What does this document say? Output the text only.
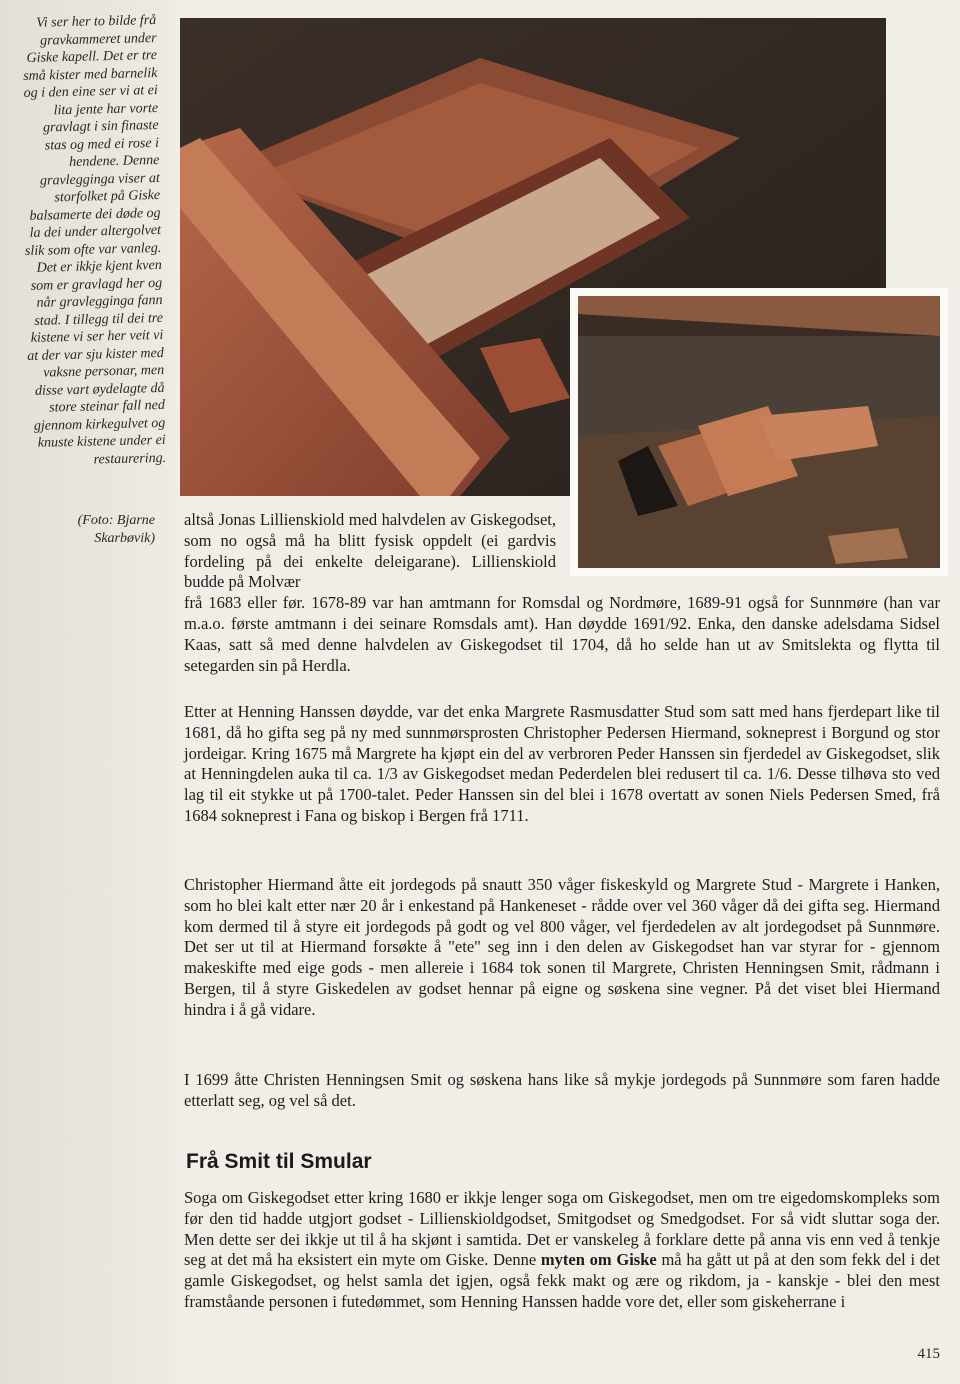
Vi ser her to bilde frå gravkammeret under Giske kapell. Det er tre små kister med barnelik og i den eine ser vi at ei lita jente har vorte gravlagt i sin finaste stas og med ei rose i hendene. Denne gravlegginga viser at storfolket på Giske balsamerte dei døde og la dei under altergolvet slik som ofte var vanleg. Det er ikkje kjent kven som er gravlagd her og når gravlegginga fann stad. I tillegg til dei tre kistene vi ser her veit vi at der var sju kister med vaksne personar, men disse vart øydelagte då store steinar fall ned gjennom kirkegulvet og knuste kistene under ei restaurering.

(Foto: Bjarne Skarbøvik)

altså Jonas Lillienskiold med halvdelen av Giskegodset, som no også må ha blitt fysisk oppdelt (ei gardvis fordeling på dei enkelte deleigarane). Lillienskiold budde på Molvær
frå 1683 eller før. 1678-89 var han amtmann for Romsdal og Nordmøre, 1689-91 også for Sunnmøre (han var m.a.o. første amtmann i dei seinare Romsdals amt). Han døydde 1691/92. Enka, den danske adelsdama Sidsel Kaas, satt så med denne halvdelen av Giskegodset til 1704, då ho selde han ut av Smitslekta og flytta til setegarden sin på Herdla.

Etter at Henning Hanssen døydde, var det enka Margrete Rasmusdatter Stud som satt med hans fjerdepart like til 1681, då ho gifta seg på ny med sunnmørsprosten Christopher Pedersen Hiermand, sokneprest i Borgund og stor jordeigar. Kring 1675 må Margrete ha kjøpt ein del av verbroren Peder Hanssen sin fjerdedel av Giskegodset, slik at Henningdelen auka til ca. 1/3 av Giskegodset medan Pederdelen blei redusert til ca. 1/6. Desse tilhøva sto ved lag til eit stykke ut på 1700-talet. Peder Hanssen sin del blei i 1678 overtatt av sonen Niels Pedersen Smed, frå 1684 sokneprest i Fana og biskop i Bergen frå 1711.

Christopher Hiermand åtte eit jordegods på snautt 350 våger fiskeskyld og Margrete Stud - Margrete i Hanken, som ho blei kalt etter nær 20 år i enkestand på Hankeneset - rådde over vel 360 våger då dei gifta seg. Hiermand kom dermed til å styre eit jordegods på godt og vel 800 våger, vel fjerdedelen av alt jordegodset på Sunnmøre. Det ser ut til at Hiermand forsøkte å "ete" seg inn i den delen av Giskegodset han var styrar for - gjennom makeskifte med eige gods - men allereie i 1684 tok sonen til Margrete, Christen Henningsen Smit, rådmann i Bergen, til å styre Giskedelen av godset hennar på eigne og søskena sine vegner. På det viset blei Hiermand hindra i å gå vidare.

I 1699 åtte Christen Henningsen Smit og søskena hans like så mykje jordegods på Sunnmøre som faren hadde etterlatt seg, og vel så det.

Frå Smit til Smular

Soga om Giskegodset etter kring 1680 er ikkje lenger soga om Giskegodset, men om tre eigedomskompleks som før den tid hadde utgjort godset - Lillienskioldgodset, Smitgodset og Smedgodset. For så vidt sluttar soga der. Men dette ser dei ikkje ut til å ha skjønt i samtida. Det er vanskeleg å forklare dette på anna vis enn ved å tenkje seg at det må ha eksistert ein myte om Giske. Denne myten om Giske må ha gått ut på at den som fekk del i det gamle Giskegodset, og helst samla det igjen, også fekk makt og ære og rikdom, ja - kanskje - blei den mest framståande personen i futedømmet, som Henning Hanssen hadde vore det, eller som giskeherrane i

415
